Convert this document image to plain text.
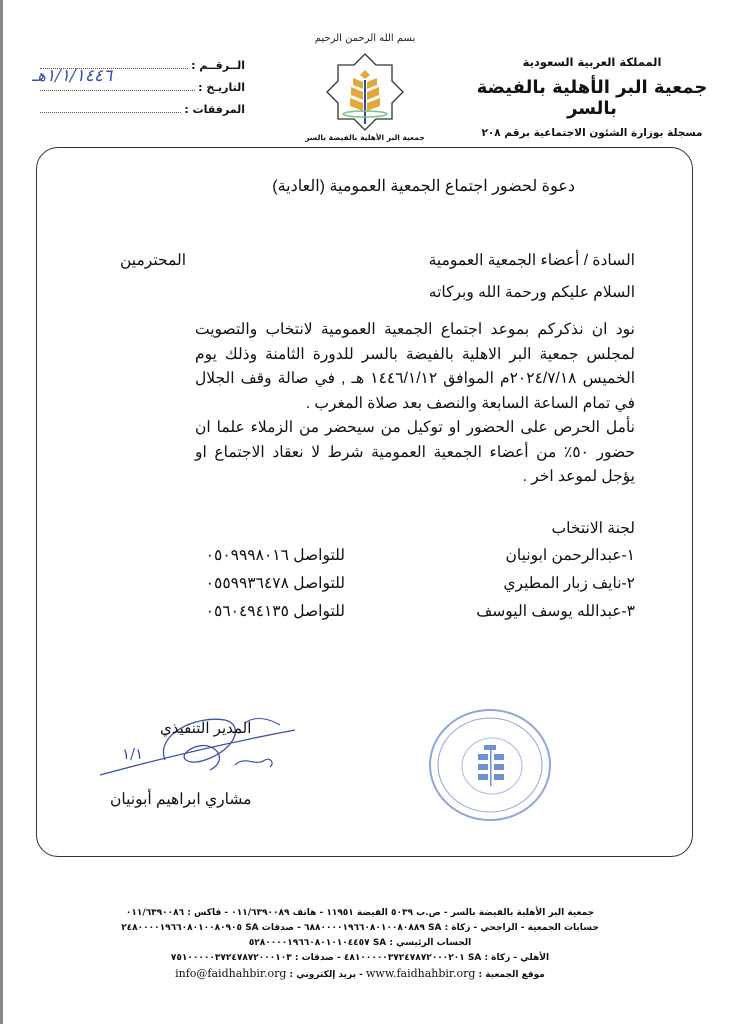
المملكة العربية السعودية
جمعية البر الأهلية بالفيضة بالسر
مسجلة بوزارة الشئون الاجتماعية برقم ٢٠٨
بسم الله الرحمن الرحيم
جمعية البر الأهلية بالفيضة بالسر
الــرقــم :
التاريـخ :
١/١/١٤٤٦هـ
المرفقات :
دعوة لحضور اجتماع الجمعية العمومية (العادية)
السادة / أعضاء الجمعية العمومية
المحترمين
السلام عليكم ورحمة الله وبركاته
نود ان نذكركم بموعد اجتماع الجمعية العمومية لانتخاب والتصويت لمجلس جمعية البر الاهلية بالفيضة بالسر للدورة الثامنة وذلك يوم الخميس ٢٠٢٤/٧/١٨م الموافق ١٤٤٦/١/١٢ هـ , في صالة وقف الجلال في تمام الساعة السابعة والنصف بعد صلاة المغرب .
نأمل الحرص على الحضور او توكيل من سيحضر من الزملاء علما ان حضور ٥٠٪ من أعضاء الجمعية العمومية شرط لا نعقاد الاجتماع او يؤجل لموعد اخر .
لجنة الانتخاب
١-عبدالرحمن ابونيان
للتواصل ٠٥٠٩٩٩٨٠١٦
٢-نايف زبار المطيري
للتواصل ٠٥٥٩٩٣٦٤٧٨
٣-عبدالله يوسف اليوسف
للتواصل ٠٥٦٠٤٩٤١٣٥
١/١
المدير التنفيذي
مشاري ابراهيم أبونيان
جمعية البر الأهلية بالفيضة بالسر - ص.ب ٥٠٣٩ الفيضة ١١٩٥١ - هاتف ٠١١/٦٣٩٠٠٨٩ - فاكس : ٠١١/٦٣٩٠٠٨٦
حسابات الجمعية - الراجحي - زكاة : SA ٦٨٨٠٠٠٠١٩٦٦٠٨٠١٠٠٨٠٨٨٩ - صدقات SA ٢٤٨٠٠٠٠١٩٦٦٠٨٠١٠٠٨٠٩٠٥
الحساب الرئيسي : SA ٥٢٨٠٠٠٠١٩٦٦٠٨٠١٠١٠٤٤٥٧
الأهلي - زكاة : SA ٤٨١٠٠٠٠٠٣٧٢٤٧٨٧٢٠٠٠٢٠١ - صدقات : ٧٥١٠٠٠٠٠٣٧٢٤٧٨٧٢٠٠٠١٠٣
موقع الجمعية : www.faidhahbir.org - بريد إلكتروني : info@faidhahbir.org
